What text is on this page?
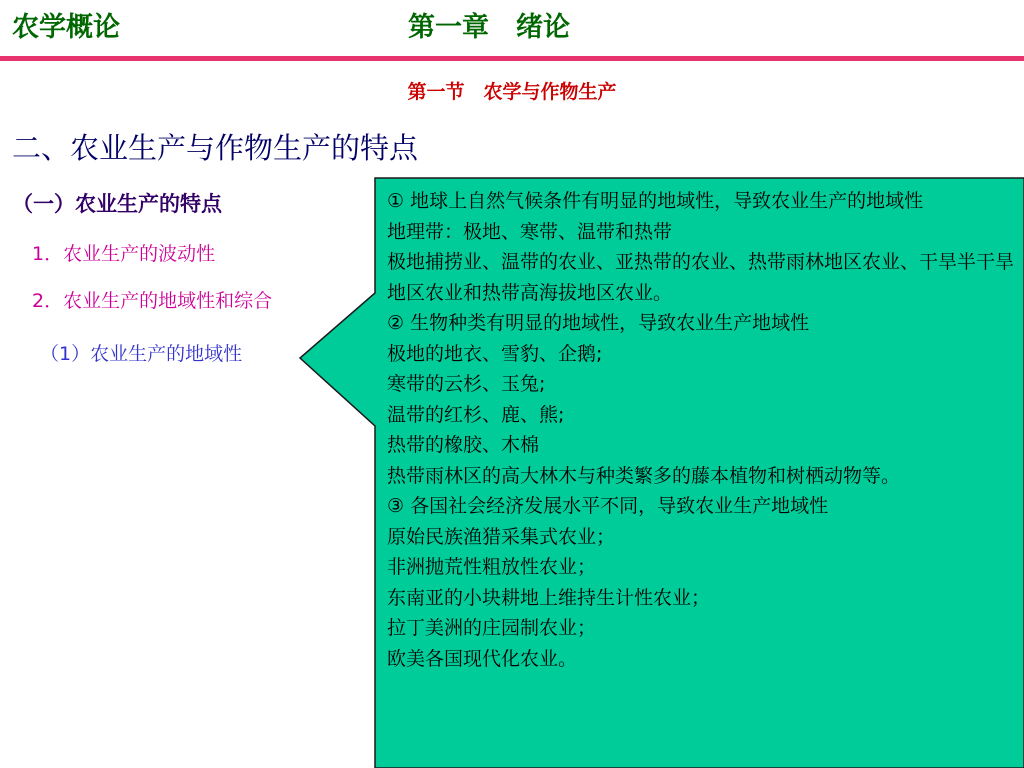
农学概论	第一章　绪论
第一节　农学与作物生产
二、农业生产与作物生产的特点
（一）农业生产的特点
1．农业生产的波动性
2．农业生产的地域性和综合
（1）农业生产的地域性
① 地球上自然气候条件有明显的地域性，导致农业生产的地域性
地理带：极地、寒带、温带和热带
极地捕捞业、温带的农业、亚热带的农业、热带雨林地区农业、干旱半干旱地区农业和热带高海拔地区农业。
② 生物种类有明显的地域性，导致农业生产地域性
极地的地衣、雪豹、企鹅;
寒带的云杉、玉兔;
温带的红杉、鹿、熊;
热带的橡胶、木棉
热带雨林区的高大林木与种类繁多的藤本植物和树栖动物等。
③ 各国社会经济发展水平不同，导致农业生产地域性
原始民族渔猎采集式农业；
非洲抛荒性粗放性农业；
东南亚的小块耕地上维持生计性农业；
拉丁美洲的庄园制农业；
欧美各国现代化农业。
